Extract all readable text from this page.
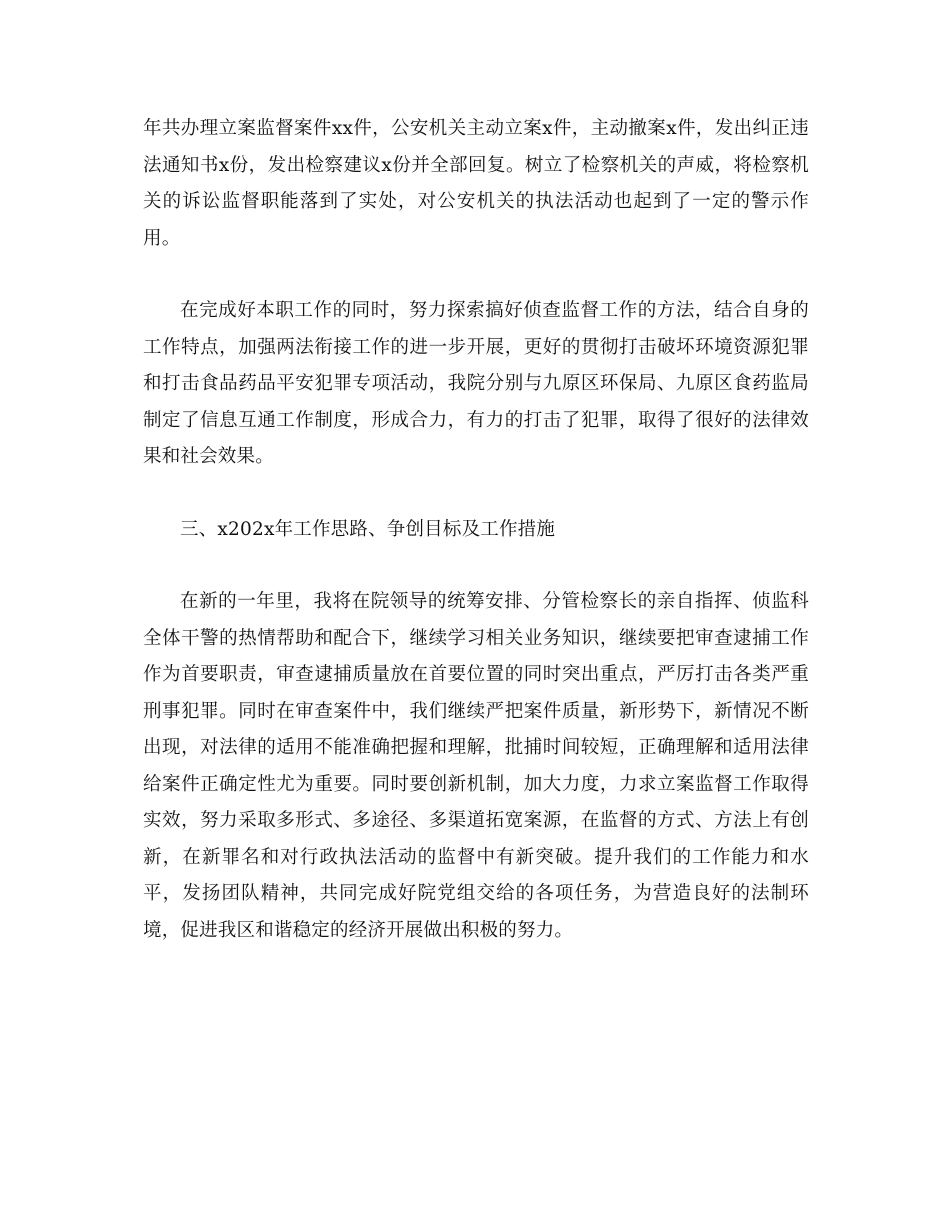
年共办理立案监督案件xx件，公安机关主动立案x件，主动撤案x件，发出纠正违法通知书x份，发出检察建议x份并全部回复。树立了检察机关的声威，将检察机关的诉讼监督职能落到了实处，对公安机关的执法活动也起到了一定的警示作用。

在完成好本职工作的同时，努力探索搞好侦查监督工作的方法，结合自身的工作特点，加强两法衔接工作的进一步开展，更好的贯彻打击破坏环境资源犯罪和打击食品药品平安犯罪专项活动，我院分别与九原区环保局、九原区食药监局制定了信息互通工作制度，形成合力，有力的打击了犯罪，取得了很好的法律效果和社会效果。

三、x202x年工作思路、争创目标及工作措施

在新的一年里，我将在院领导的统筹安排、分管检察长的亲自指挥、侦监科全体干警的热情帮助和配合下，继续学习相关业务知识，继续要把审查逮捕工作作为首要职责，审查逮捕质量放在首要位置的同时突出重点，严厉打击各类严重刑事犯罪。同时在审查案件中，我们继续严把案件质量，新形势下，新情况不断出现，对法律的适用不能准确把握和理解，批捕时间较短，正确理解和适用法律给案件正确定性尤为重要。同时要创新机制，加大力度，力求立案监督工作取得实效，努力采取多形式、多途径、多渠道拓宽案源，在监督的方式、方法上有创新，在新罪名和对行政执法活动的监督中有新突破。提升我们的工作能力和水平，发扬团队精神，共同完成好院党组交给的各项任务，为营造良好的法制环境，促进我区和谐稳定的经济开展做出积极的努力。
